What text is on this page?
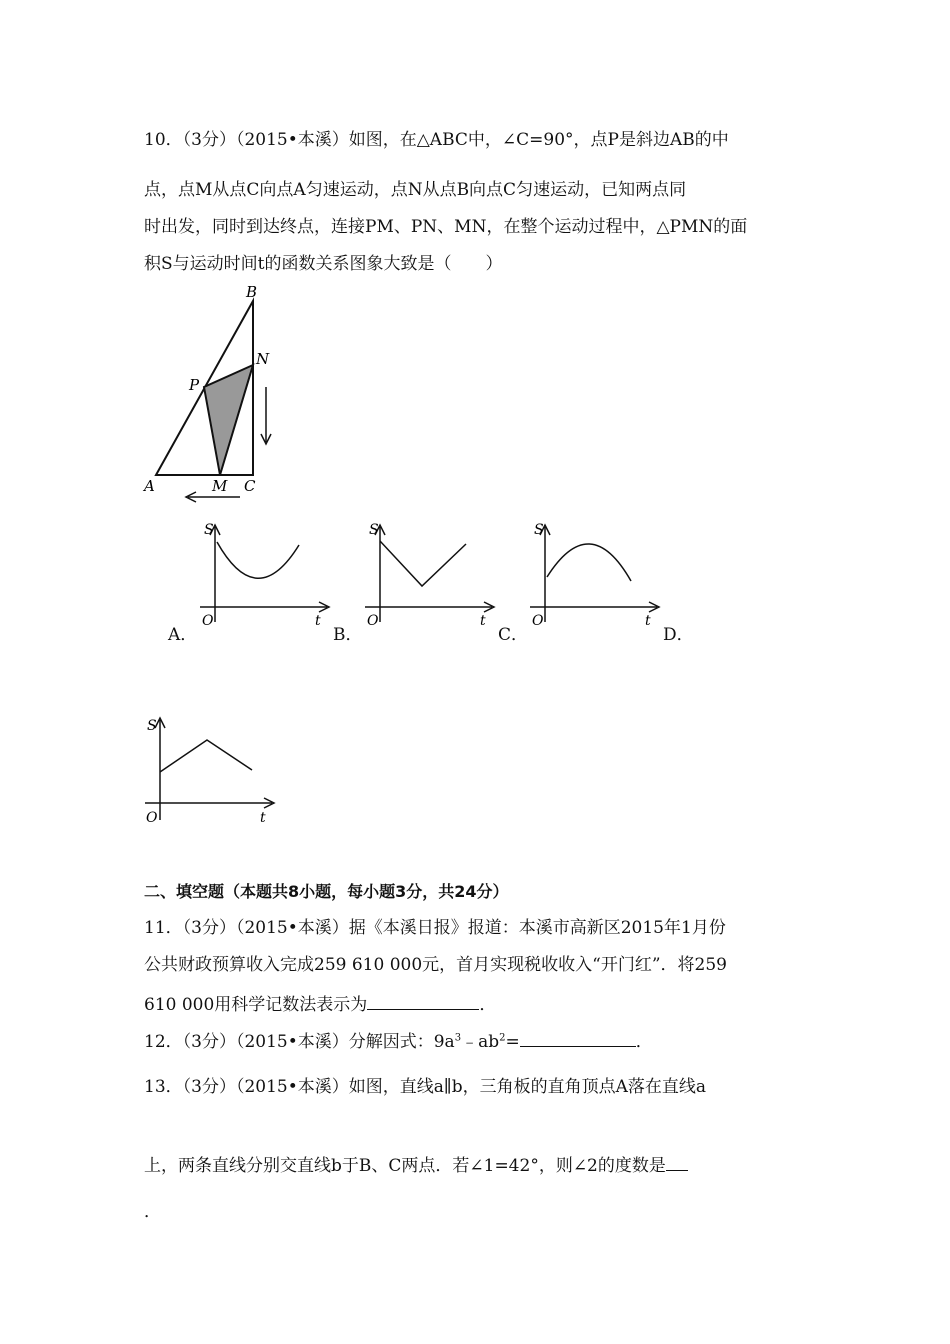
10．（3分）（2015•本溪）如图，在△ABC中，∠C=90°，点P是斜边AB的中
点，点M从点C向点A匀速运动，点N从点B向点C匀速运动，已知两点同
时出发，同时到达终点，连接PM、PN、MN，在整个运动过程中，△PMN的面
积S与运动时间t的函数关系图象大致是（　　）
B
N
P
A	M C
S
O	t
A．
S
O	t
B．
S
O	t
C．	D．
S
O	t
二、填空题（本题共8小题，每小题3分，共24分）
11．（3分）（2015•本溪）据《本溪日报》报道：本溪市高新区2015年1月份
公共财政预算收入完成259 610 000元，首月实现税收收入“开门红”．将259
610 000用科学记数法表示为	．
12．（3分）（2015•本溪）分解因式：$9a^3﹣ab^2=$	．
13．（3分）（2015•本溪）如图，直线a∥b，三角板的直角顶点A落在直线a
上，两条直线分别交直线b于B、C两点．若∠1=42°，则∠2的度数是
．
